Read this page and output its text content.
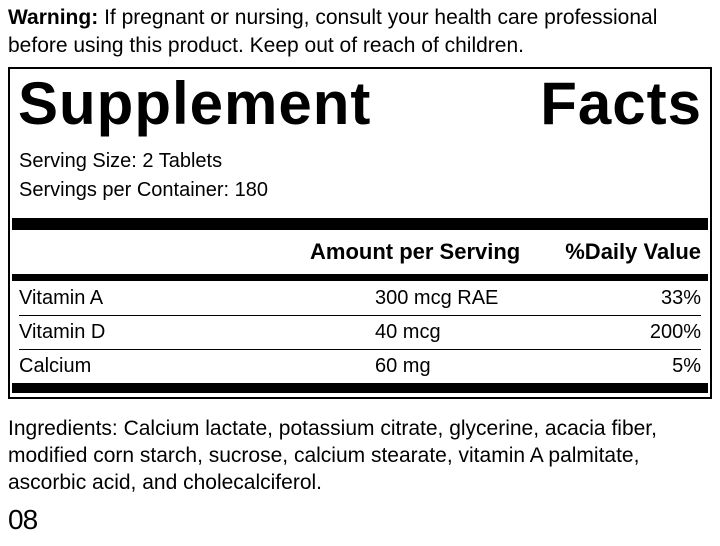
Warning: If pregnant or nursing, consult your health care professional
before using this product. Keep out of reach of children.
Supplement Facts
Serving Size: 2 Tablets
Servings per Container: 180
Amount per Serving %Daily Value
Vitamin A	300 mcg RAE	33%
Vitamin D	40 mcg	200%
Calcium	60 mg	5%
Ingredients: Calcium lactate, potassium citrate, glycerine, acacia fiber,
modified corn starch, sucrose, calcium stearate, vitamin A palmitate,
ascorbic acid, and cholecalciferol.
08
